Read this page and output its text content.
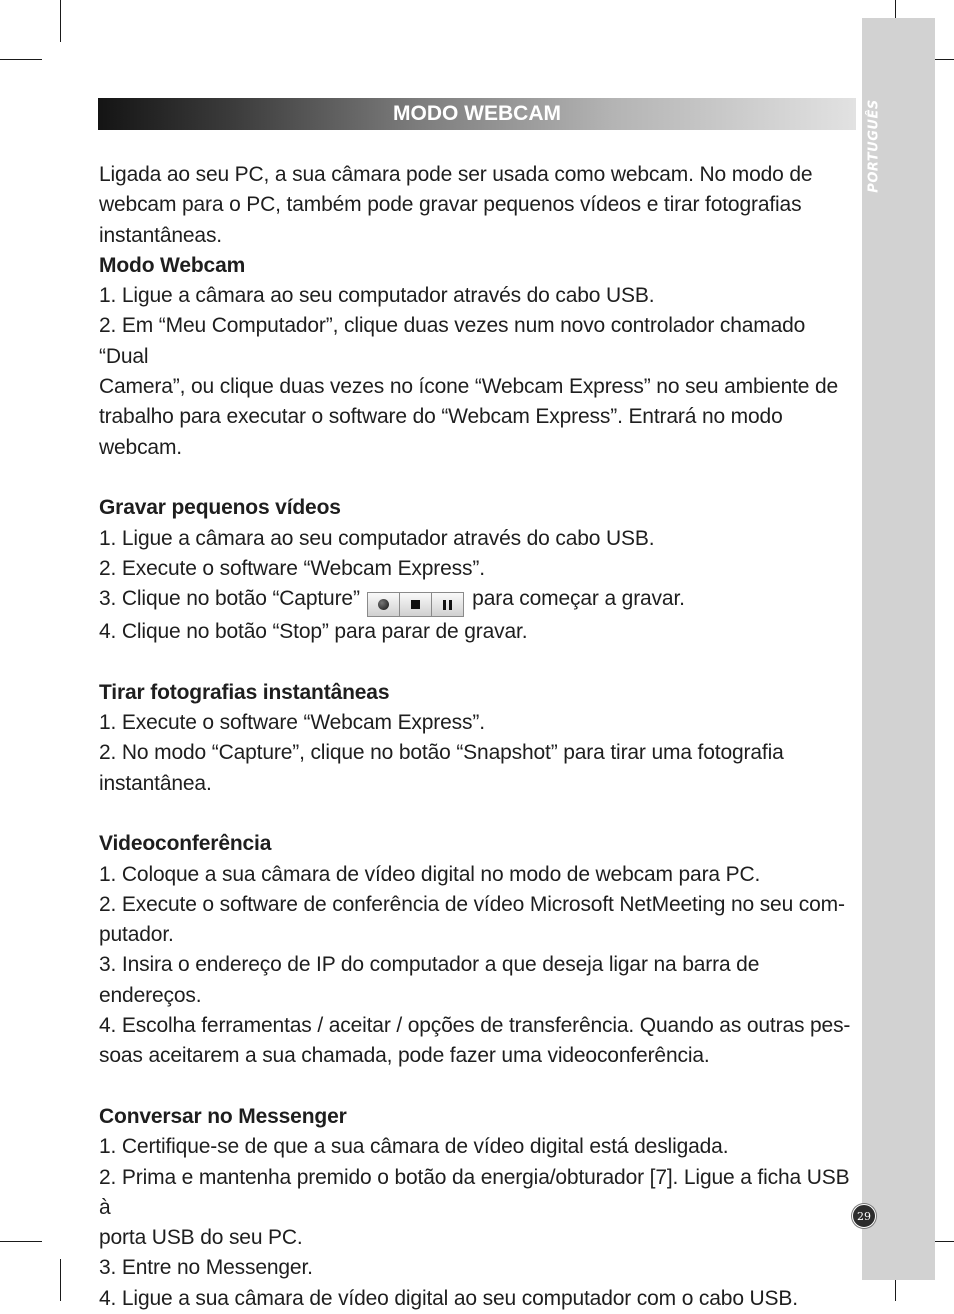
PORTUGUÊS
29
MODO WEBCAM

Ligada ao seu PC, a sua câmara pode ser usada como webcam. No modo de

webcam para o PC, também pode gravar pequenos vídeos e tirar fotografias

instantâneas.

Modo Webcam

1. Ligue a câmara ao seu computador através do cabo USB.

2. Em “Meu Computador”, clique duas vezes num novo controlador chamado “Dual

Camera”, ou clique duas vezes no ícone “Webcam Express” no seu ambiente de

trabalho para executar o software do “Webcam Express”. Entrará no modo webcam.

Gravar pequenos vídeos

1. Ligue a câmara ao seu computador através do cabo USB.

2. Execute o software “Webcam Express”.

3. Clique no botão “Capture”	para começar a gravar.

4. Clique no botão “Stop” para parar de gravar.

Tirar fotografias instantâneas

1. Execute o software “Webcam Express”.

2. No modo “Capture”, clique no botão “Snapshot” para tirar uma fotografia

instantânea.

Videoconferência

1. Coloque a sua câmara de vídeo digital no modo de webcam para PC.

2. Execute o software de conferência de vídeo Microsoft NetMeeting no seu com-

putador.

3. Insira o endereço de IP do computador a que deseja ligar na barra de endereços.

4. Escolha ferramentas / aceitar / opções de transferência. Quando as outras pes-

soas aceitarem a sua chamada, pode fazer uma videoconferência.

Conversar no Messenger

1. Certifique-se de que a sua câmara de vídeo digital está desligada.

2. Prima e mantenha premido o botão da energia/obturador [7]. Ligue a ficha USB à

porta USB do seu PC.

3. Entre no Messenger.

4. Ligue a sua câmara de vídeo digital ao seu computador com o cabo USB.
